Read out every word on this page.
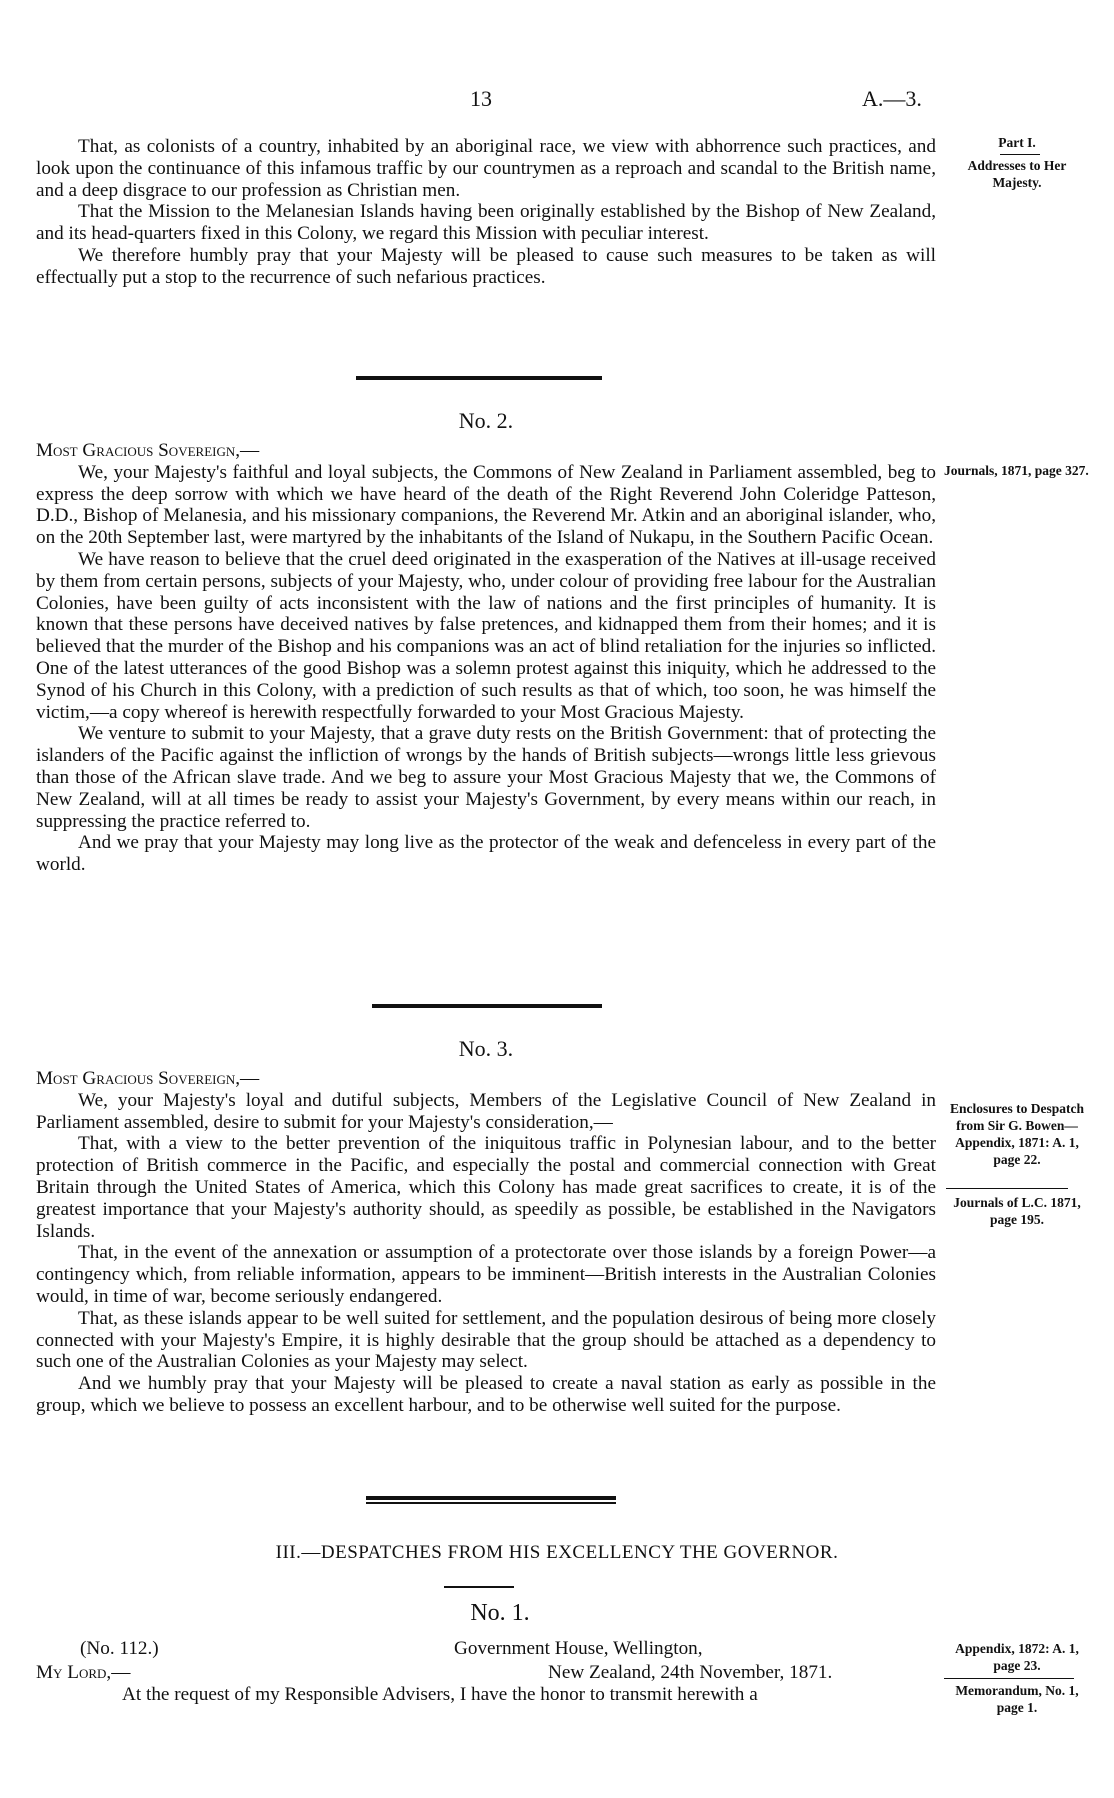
13	A.—3.

That, as colonists of a country, inhabited by an aboriginal race, we view with abhorrence such practices, and look upon the continuance of this infamous traffic by our countrymen as a reproach and scandal to the British name, and a deep disgrace to our profession as Christian men.

That the Mission to the Melanesian Islands having been originally established by the Bishop of New Zealand, and its head-quarters fixed in this Colony, we regard this Mission with peculiar interest.

We therefore humbly pray that your Majesty will be pleased to cause such measures to be taken as will effectually put a stop to the recurrence of such nefarious practices.

Part I.
Addresses to Her Majesty.

No. 2.

Most Gracious Sovereign,—

We, your Majesty's faithful and loyal subjects, the Commons of New Zealand in Parliament assembled, beg to express the deep sorrow with which we have heard of the death of the Right Reverend John Coleridge Patteson, D.D., Bishop of Melanesia, and his missionary companions, the Reverend Mr. Atkin and an aboriginal islander, who, on the 20th September last, were martyred by the inhabitants of the Island of Nukapu, in the Southern Pacific Ocean.

We have reason to believe that the cruel deed originated in the exasperation of the Natives at ill-usage received by them from certain persons, subjects of your Majesty, who, under colour of providing free labour for the Australian Colonies, have been guilty of acts inconsistent with the law of nations and the first principles of humanity. It is known that these persons have deceived natives by false pretences, and kidnapped them from their homes; and it is believed that the murder of the Bishop and his companions was an act of blind retaliation for the injuries so inflicted. One of the latest utterances of the good Bishop was a solemn protest against this iniquity, which he addressed to the Synod of his Church in this Colony, with a prediction of such results as that of which, too soon, he was himself the victim,—a copy whereof is herewith respectfully forwarded to your Most Gracious Majesty.

We venture to submit to your Majesty, that a grave duty rests on the British Government: that of protecting the islanders of the Pacific against the infliction of wrongs by the hands of British subjects—wrongs little less grievous than those of the African slave trade. And we beg to assure your Most Gracious Majesty that we, the Commons of New Zealand, will at all times be ready to assist your Majesty's Government, by every means within our reach, in suppressing the practice referred to.

And we pray that your Majesty may long live as the protector of the weak and defenceless in every part of the world.

Journals, 1871, page 327.

No. 3.

Most Gracious Sovereign,—

We, your Majesty's loyal and dutiful subjects, Members of the Legislative Council of New Zealand in Parliament assembled, desire to submit for your Majesty's consideration,—

That, with a view to the better prevention of the iniquitous traffic in Polynesian labour, and to the better protection of British commerce in the Pacific, and especially the postal and commercial connection with Great Britain through the United States of America, which this Colony has made great sacrifices to create, it is of the greatest importance that your Majesty's authority should, as speedily as possible, be established in the Navigators Islands.

That, in the event of the annexation or assumption of a protectorate over those islands by a foreign Power—a contingency which, from reliable information, appears to be imminent—British interests in the Australian Colonies would, in time of war, become seriously endangered.

That, as these islands appear to be well suited for settlement, and the population desirous of being more closely connected with your Majesty's Empire, it is highly desirable that the group should be attached as a dependency to such one of the Australian Colonies as your Majesty may select.

And we humbly pray that your Majesty will be pleased to create a naval station as early as possible in the group, which we believe to possess an excellent harbour, and to be otherwise well suited for the purpose.

Enclosures to Despatch from Sir G. Bowen—Appendix, 1871: A. 1, page 22.
Journals of L.C. 1871, page 195.
III.—DESPATCHES FROM HIS EXCELLENCY THE GOVERNOR.
No. 1.
(No. 112.)	Government House, Wellington,
My Lord,—	New Zealand, 24th November, 1871.
At the request of my Responsible Advisers, I have the honor to transmit herewith a
Appendix, 1872: A. 1, page 23.
Memorandum, No. 1, page 1.
